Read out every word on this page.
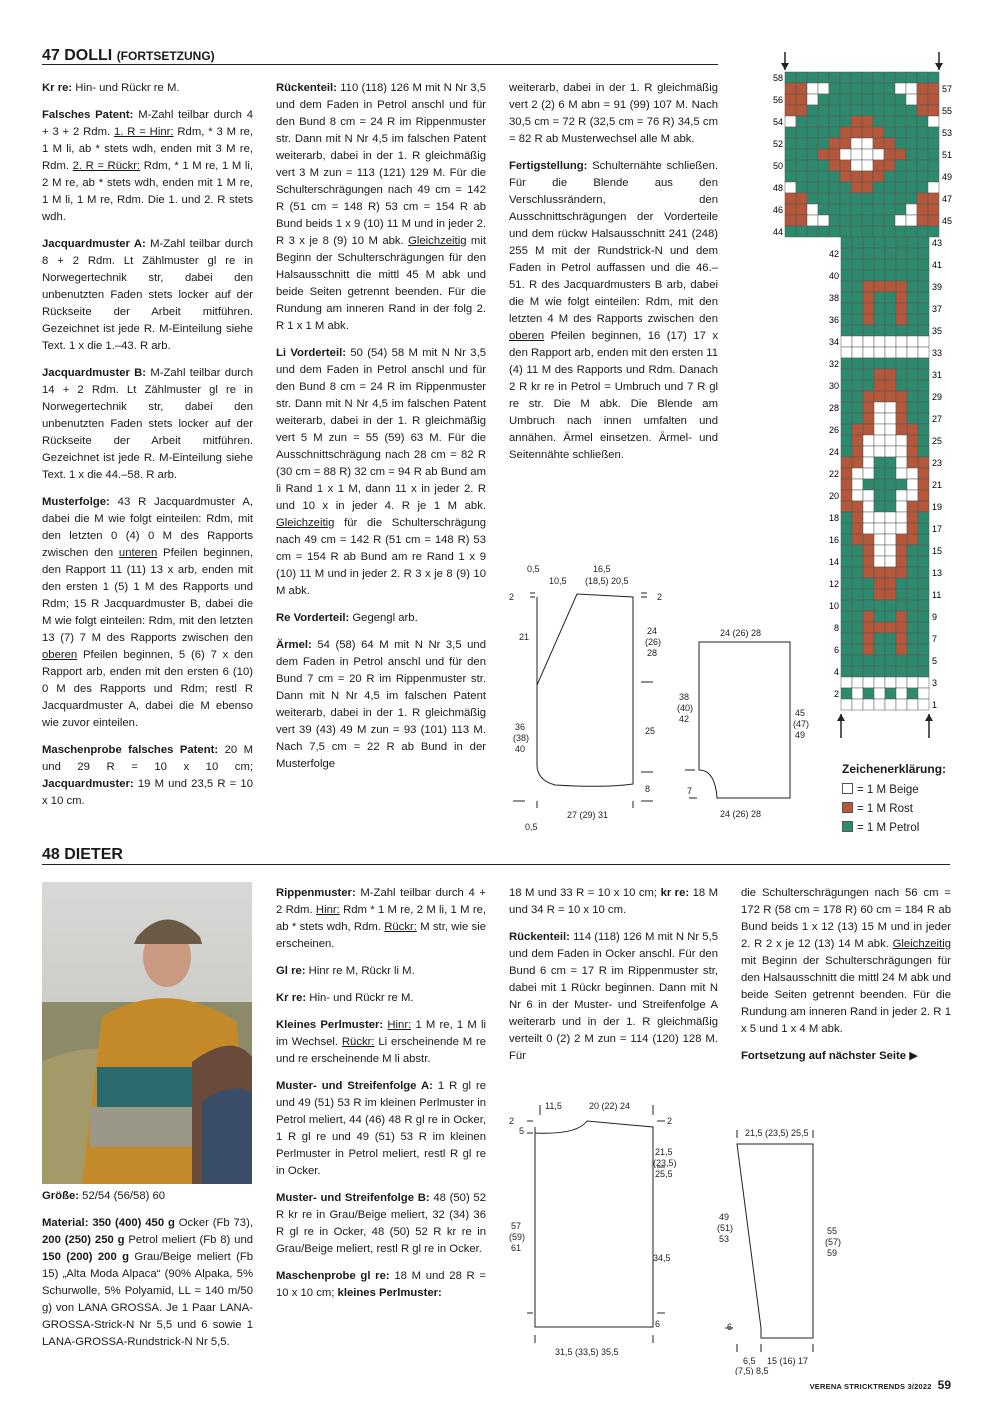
47 DOLLI (FORTSETZUNG)

Kr re: Hin- und Rückr re M.

Falsches Patent: M-Zahl teilbar durch 4 + 3 + 2 Rdm. 1. R = Hinr: Rdm, * 3 M re, 1 M li, ab * stets wdh, enden mit 3 M re, Rdm. 2. R = Rückr: Rdm, * 1 M re, 1 M li, 2 M re, ab * stets wdh, enden mit 1 M re, 1 M li, 1 M re, Rdm. Die 1. und 2. R stets wdh.

Jacquardmuster A: M-Zahl teilbar durch 8 + 2 Rdm. Lt Zählmuster gl re in Norwegertechnik str, dabei den unbenutzten Faden stets locker auf der Rückseite der Arbeit mitführen. Gezeichnet ist jede R. M-Einteilung siehe Text. 1 x die 1.–43. R arb.

Jacquardmuster B: M-Zahl teilbar durch 14 + 2 Rdm. Lt Zählmuster gl re in Norwegertechnik str, dabei den unbenutzten Faden stets locker auf der Rückseite der Arbeit mitführen. Gezeichnet ist jede R. M-Einteilung siehe Text. 1 x die 44.–58. R arb.

Musterfolge: 43 R Jacquardmuster A, dabei die M wie folgt einteilen: Rdm, mit den letzten 0 (4) 0 M des Rapports zwischen den unteren Pfeilen beginnen, den Rapport 11 (11) 13 x arb, enden mit den ersten 1 (5) 1 M des Rapports und Rdm; 15 R Jacquardmuster B, dabei die M wie folgt einteilen: Rdm, mit den letzten 13 (7) 7 M des Rapports zwischen den oberen Pfeilen beginnen, 5 (6) 7 x den Rapport arb, enden mit den ersten 6 (10) 0 M des Rapports und Rdm; restl R Jacquardmuster A, dabei die M ebenso wie zuvor einteilen.

Maschenprobe falsches Patent: 20 M und 29 R = 10 x 10 cm; Jacquardmuster: 19 M und 23,5 R = 10 x 10 cm.

Rückenteil: 110 (118) 126 M mit N Nr 3,5 und dem Faden in Petrol anschl und für den Bund 8 cm = 24 R im Rippenmuster str. Dann mit N Nr 4,5 im falschen Patent weiterarb, dabei in der 1. R gleichmäßig vert 3 M zun = 113 (121) 129 M. Für die Schulterschrägungen nach 49 cm = 142 R (51 cm = 148 R) 53 cm = 154 R ab Bund beids 1 x 9 (10) 11 M und in jeder 2. R 3 x je 8 (9) 10 M abk. Gleichzeitig mit Beginn der Schulterschrägungen für den Halsausschnitt die mittl 45 M abk und beide Seiten getrennt beenden. Für die Rundung am inneren Rand in der folg 2. R 1 x 1 M abk.

Li Vorderteil: 50 (54) 58 M mit N Nr 3,5 und dem Faden in Petrol anschl und für den Bund 8 cm = 24 R im Rippenmuster str. Dann mit N Nr 4,5 im falschen Patent weiterarb, dabei in der 1. R gleichmäßig vert 5 M zun = 55 (59) 63 M. Für die Ausschnittschrägung nach 28 cm = 82 R (30 cm = 88 R) 32 cm = 94 R ab Bund am li Rand 1 x 1 M, dann 11 x in jeder 2. R und 10 x in jeder 4. R je 1 M abk. Gleichzeitig für die Schulterschrägung nach 49 cm = 142 R (51 cm = 148 R) 53 cm = 154 R ab Bund am re Rand 1 x 9 (10) 11 M und in jeder 2. R 3 x je 8 (9) 10 M abk.

Re Vorderteil: Gegengl arb.

Ärmel: 54 (58) 64 M mit N Nr 3,5 und dem Faden in Petrol anschl und für den Bund 7 cm = 20 R im Rippenmuster str. Dann mit N Nr 4,5 im falschen Patent weiterarb, dabei in der 1. R gleichmäßig vert 39 (43) 49 M zun = 93 (101) 113 M. Nach 7,5 cm = 22 R ab Bund in der Musterfolge

weiterarb, dabei in der 1. R gleichmäßig vert 2 (2) 6 M abn = 91 (99) 107 M. Nach 30,5 cm = 72 R (32,5 cm = 76 R) 34,5 cm = 82 R ab Musterwechsel alle M abk.

Fertigstellung: Schulternähte schließen. Für die Blende aus den Verschlussrändern, den Ausschnittschrägungen der Vorderteile und dem rückw Halsausschnitt 241 (248) 255 M mit der Rundstrick-N und dem Faden in Petrol auffassen und die 46.–51. R des Jacquardmusters B arb, dabei die M wie folgt einteilen: Rdm, mit den letzten 4 M des Rapports zwischen den oberen Pfeilen beginnen, 16 (17) 17 x den Rapport arb, enden mit den ersten 11 (4) 11 M des Rapports und Rdm. Danach 2 R kr re in Petrol = Umbruch und 7 R gl re str. Die M abk. Die Blende am Umbruch nach innen umfalten und annähen. Ärmel einsetzen. Ärmel- und Seitennähte schließen.

0,5
10,5
16,5
(18,5) 20,5
2	2
21
24
(26)
28
36
(38)
40
25
8
27 (29) 31
0,5
24 (26) 28
38
(40)
42
45
(47)
49
7
24 (26) 28
58
56
54
52
50
48
46
44
42
40
38
36
34
32
30
28
26
24
22
20
18
16
14
12
10
8
6
4
2
57
55
53
51
49
47
45
43
41
39
37
35
33
31
29
27
25
23
21
19
17
15
13
11
9
7
5
3
1
Zeichenerklärung:
= 1 M Beige
= 1 M Rost
= 1 M Petrol
48 DIETER

Größe: 52/54 (56/58) 60

Material: 350 (400) 450 g Ocker (Fb 73), 200 (250) 250 g Petrol meliert (Fb 8) und 150 (200) 200 g Grau/Beige meliert (Fb 15) „Alta Moda Alpaca“ (90% Alpaka, 5% Schurwolle, 5% Polyamid, LL = 140 m/50 g) von LANA GROSSA. Je 1 Paar LANA-GROSSA-Strick-N Nr 5,5 und 6 sowie 1 LANA-GROSSA-Rundstrick-N Nr 5,5.

Rippenmuster: M-Zahl teilbar durch 4 + 2 Rdm. Hinr: Rdm * 1 M re, 2 M li, 1 M re, ab * stets wdh, Rdm. Rückr: M str, wie sie erscheinen.

Gl re: Hinr re M, Rückr li M.

Kr re: Hin- und Rückr re M.

Kleines Perlmuster: Hinr: 1 M re, 1 M li im Wechsel. Rückr: Li erscheinende M re und re erscheinende M li abstr.

Muster- und Streifenfolge A: 1 R gl re und 49 (51) 53 R im kleinen Perlmuster in Petrol meliert, 44 (46) 48 R gl re in Ocker, 1 R gl re und 49 (51) 53 R im kleinen Perlmuster in Petrol meliert, restl R gl re in Ocker.

Muster- und Streifenfolge B: 48 (50) 52 R kr re in Grau/Beige meliert, 32 (34) 36 R gl re in Ocker, 48 (50) 52 R kr re in Grau/Beige meliert, restl R gl re in Ocker.

Maschenprobe gl re: 18 M und 28 R = 10 x 10 cm; kleines Perlmuster:

18 M und 33 R = 10 x 10 cm; kr re: 18 M und 34 R = 10 x 10 cm.

Rückenteil: 114 (118) 126 M mit N Nr 5,5 und dem Faden in Ocker anschl. Für den Bund 6 cm = 17 R im Rippenmuster str, dabei mit 1 Rückr beginnen. Dann mit N Nr 6 in der Muster- und Streifenfolge A weiterarb und in der 1. R gleichmäßig verteilt 0 (2) 2 M zun = 114 (120) 128 M. Für

die Schulterschrägungen nach 56 cm = 172 R (58 cm = 178 R) 60 cm = 184 R ab Bund beids 1 x 12 (13) 15 M und in jeder 2. R 2 x je 12 (13) 14 M abk. Gleichzeitig mit Beginn der Schulterschrägungen für den Halsausschnitt die mittl 24 M abk und beide Seiten getrennt beenden. Für die Rundung am inneren Rand in jeder 2. R 1 x 5 und 1 x 4 M abk.

Fortsetzung auf nächster Seite ▶

11,5	20 (22) 24
2
5
2
21,5
(23,5)
25,5
57
(59)
61
34,5
6
31,5 (33,5) 35,5
21,5 (23,5) 25,5
49
(51)
53
55
(57)
59
6
6,5 15 (16) 17
(7,5) 8,5
VERENA STRICKTRENDS 3/2022 59
